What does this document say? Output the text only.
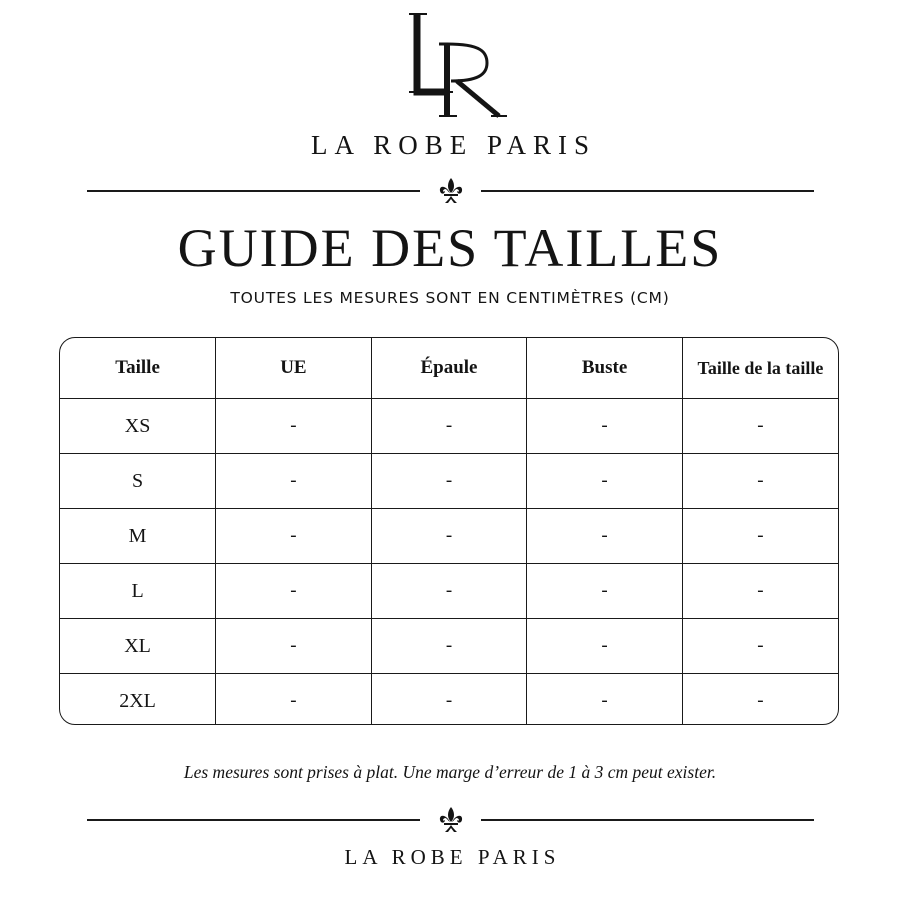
LA ROBE PARIS
GUIDE DES TAILLES
TOUTES LES MESURES SONT EN CENTIMÈTRES (CM)
Taille	UE	Épaule	Buste	Taille de la taille
XS	-	-	-	-
S	-	-	-	-
M	-	-	-	-
L	-	-	-	-
XL	-	-	-	-
2XL	-	-	-	-
Les mesures sont prises à plat. Une marge d’erreur de 1 à 3 cm peut exister.
LA ROBE PARIS
